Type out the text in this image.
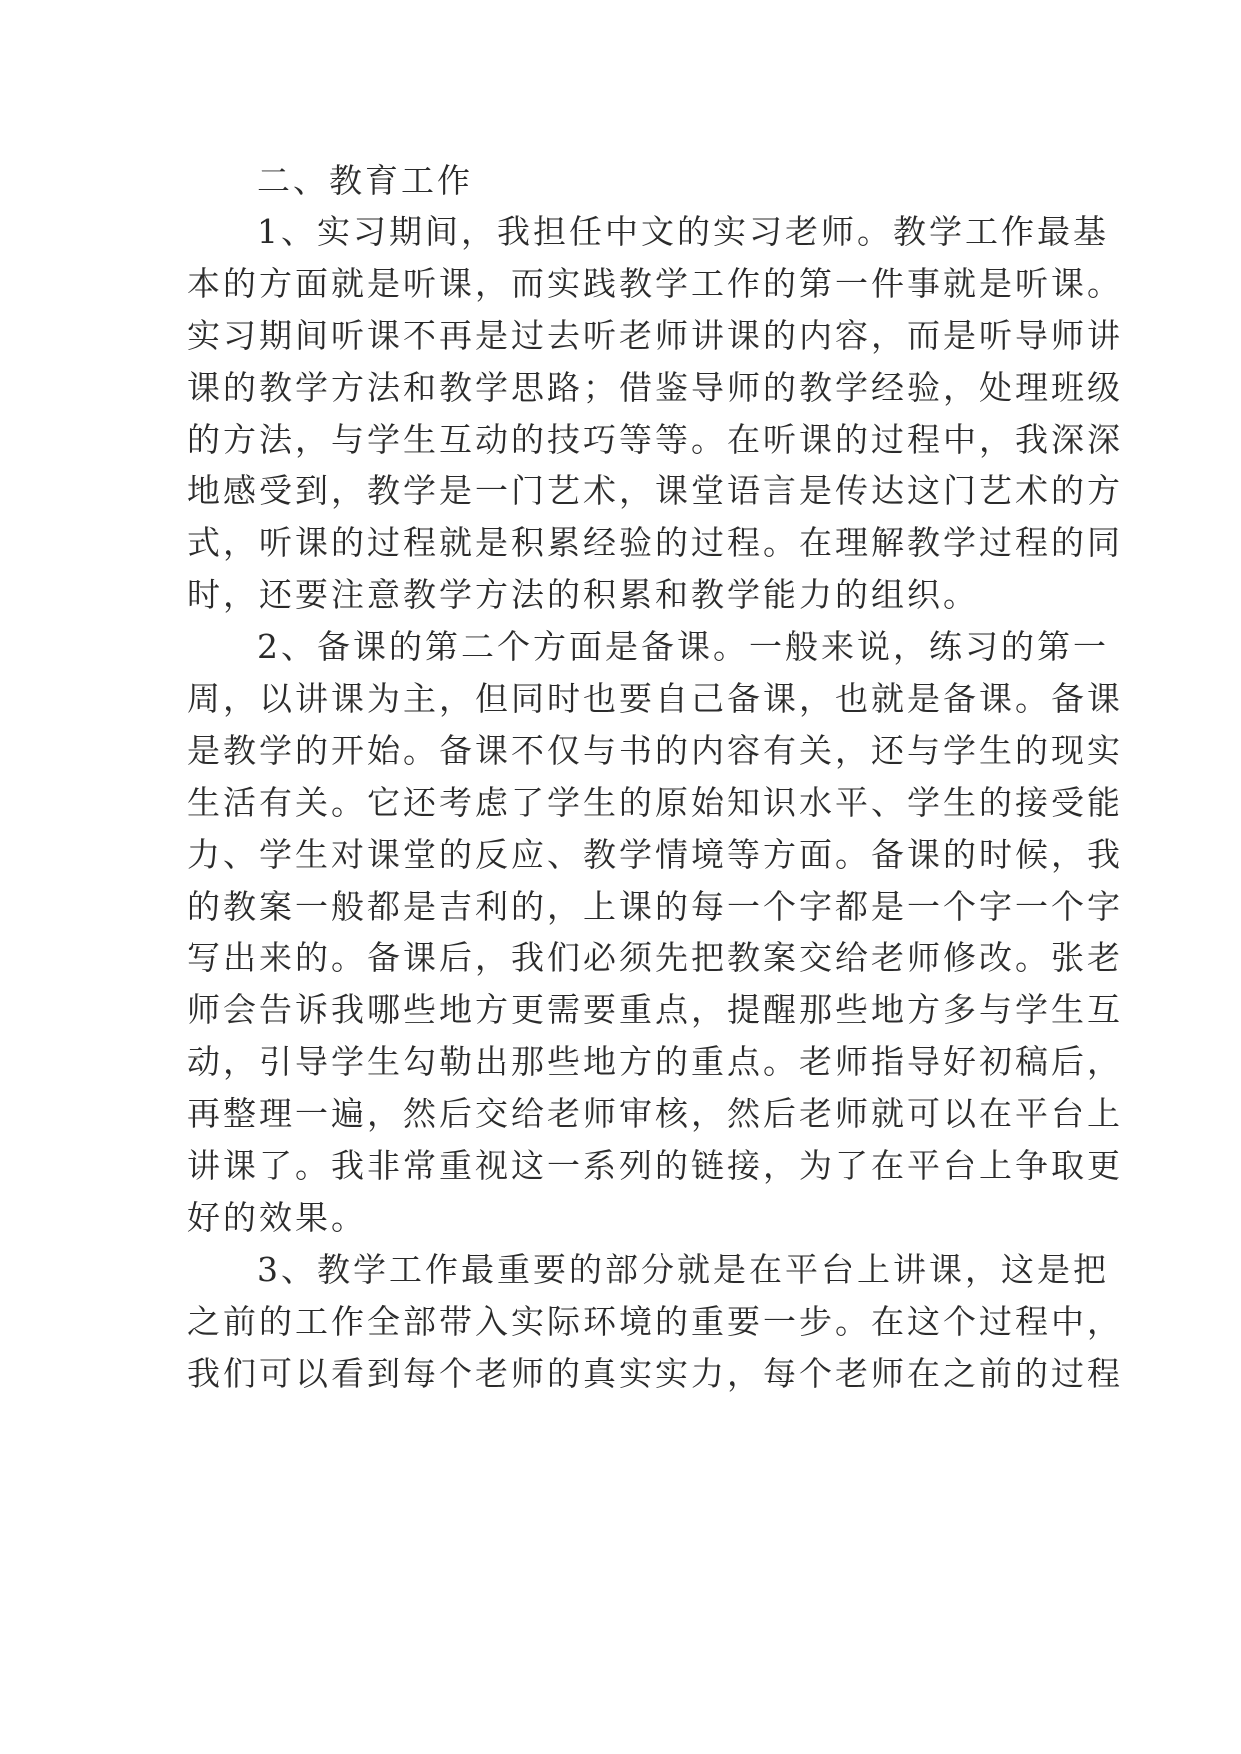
二、教育工作

1、实习期间，我担任中文的实习老师。教学工作最基
本的方面就是听课，而实践教学工作的第一件事就是听课。
实习期间听课不再是过去听老师讲课的内容，而是听导师讲
课的教学方法和教学思路；借鉴导师的教学经验，处理班级
的方法，与学生互动的技巧等等。在听课的过程中，我深深
地感受到，教学是一门艺术，课堂语言是传达这门艺术的方
式，听课的过程就是积累经验的过程。在理解教学过程的同
时，还要注意教学方法的积累和教学能力的组织。

2、备课的第二个方面是备课。一般来说，练习的第一
周，以讲课为主，但同时也要自己备课，也就是备课。备课
是教学的开始。备课不仅与书的内容有关，还与学生的现实
生活有关。它还考虑了学生的原始知识水平、学生的接受能
力、学生对课堂的反应、教学情境等方面。备课的时候，我
的教案一般都是吉利的，上课的每一个字都是一个字一个字
写出来的。备课后，我们必须先把教案交给老师修改。张老
师会告诉我哪些地方更需要重点，提醒那些地方多与学生互
动，引导学生勾勒出那些地方的重点。老师指导好初稿后，
再整理一遍，然后交给老师审核，然后老师就可以在平台上
讲课了。我非常重视这一系列的链接，为了在平台上争取更
好的效果。

3、教学工作最重要的部分就是在平台上讲课，这是把
之前的工作全部带入实际环境的重要一步。在这个过程中，
我们可以看到每个老师的真实实力，每个老师在之前的过程
